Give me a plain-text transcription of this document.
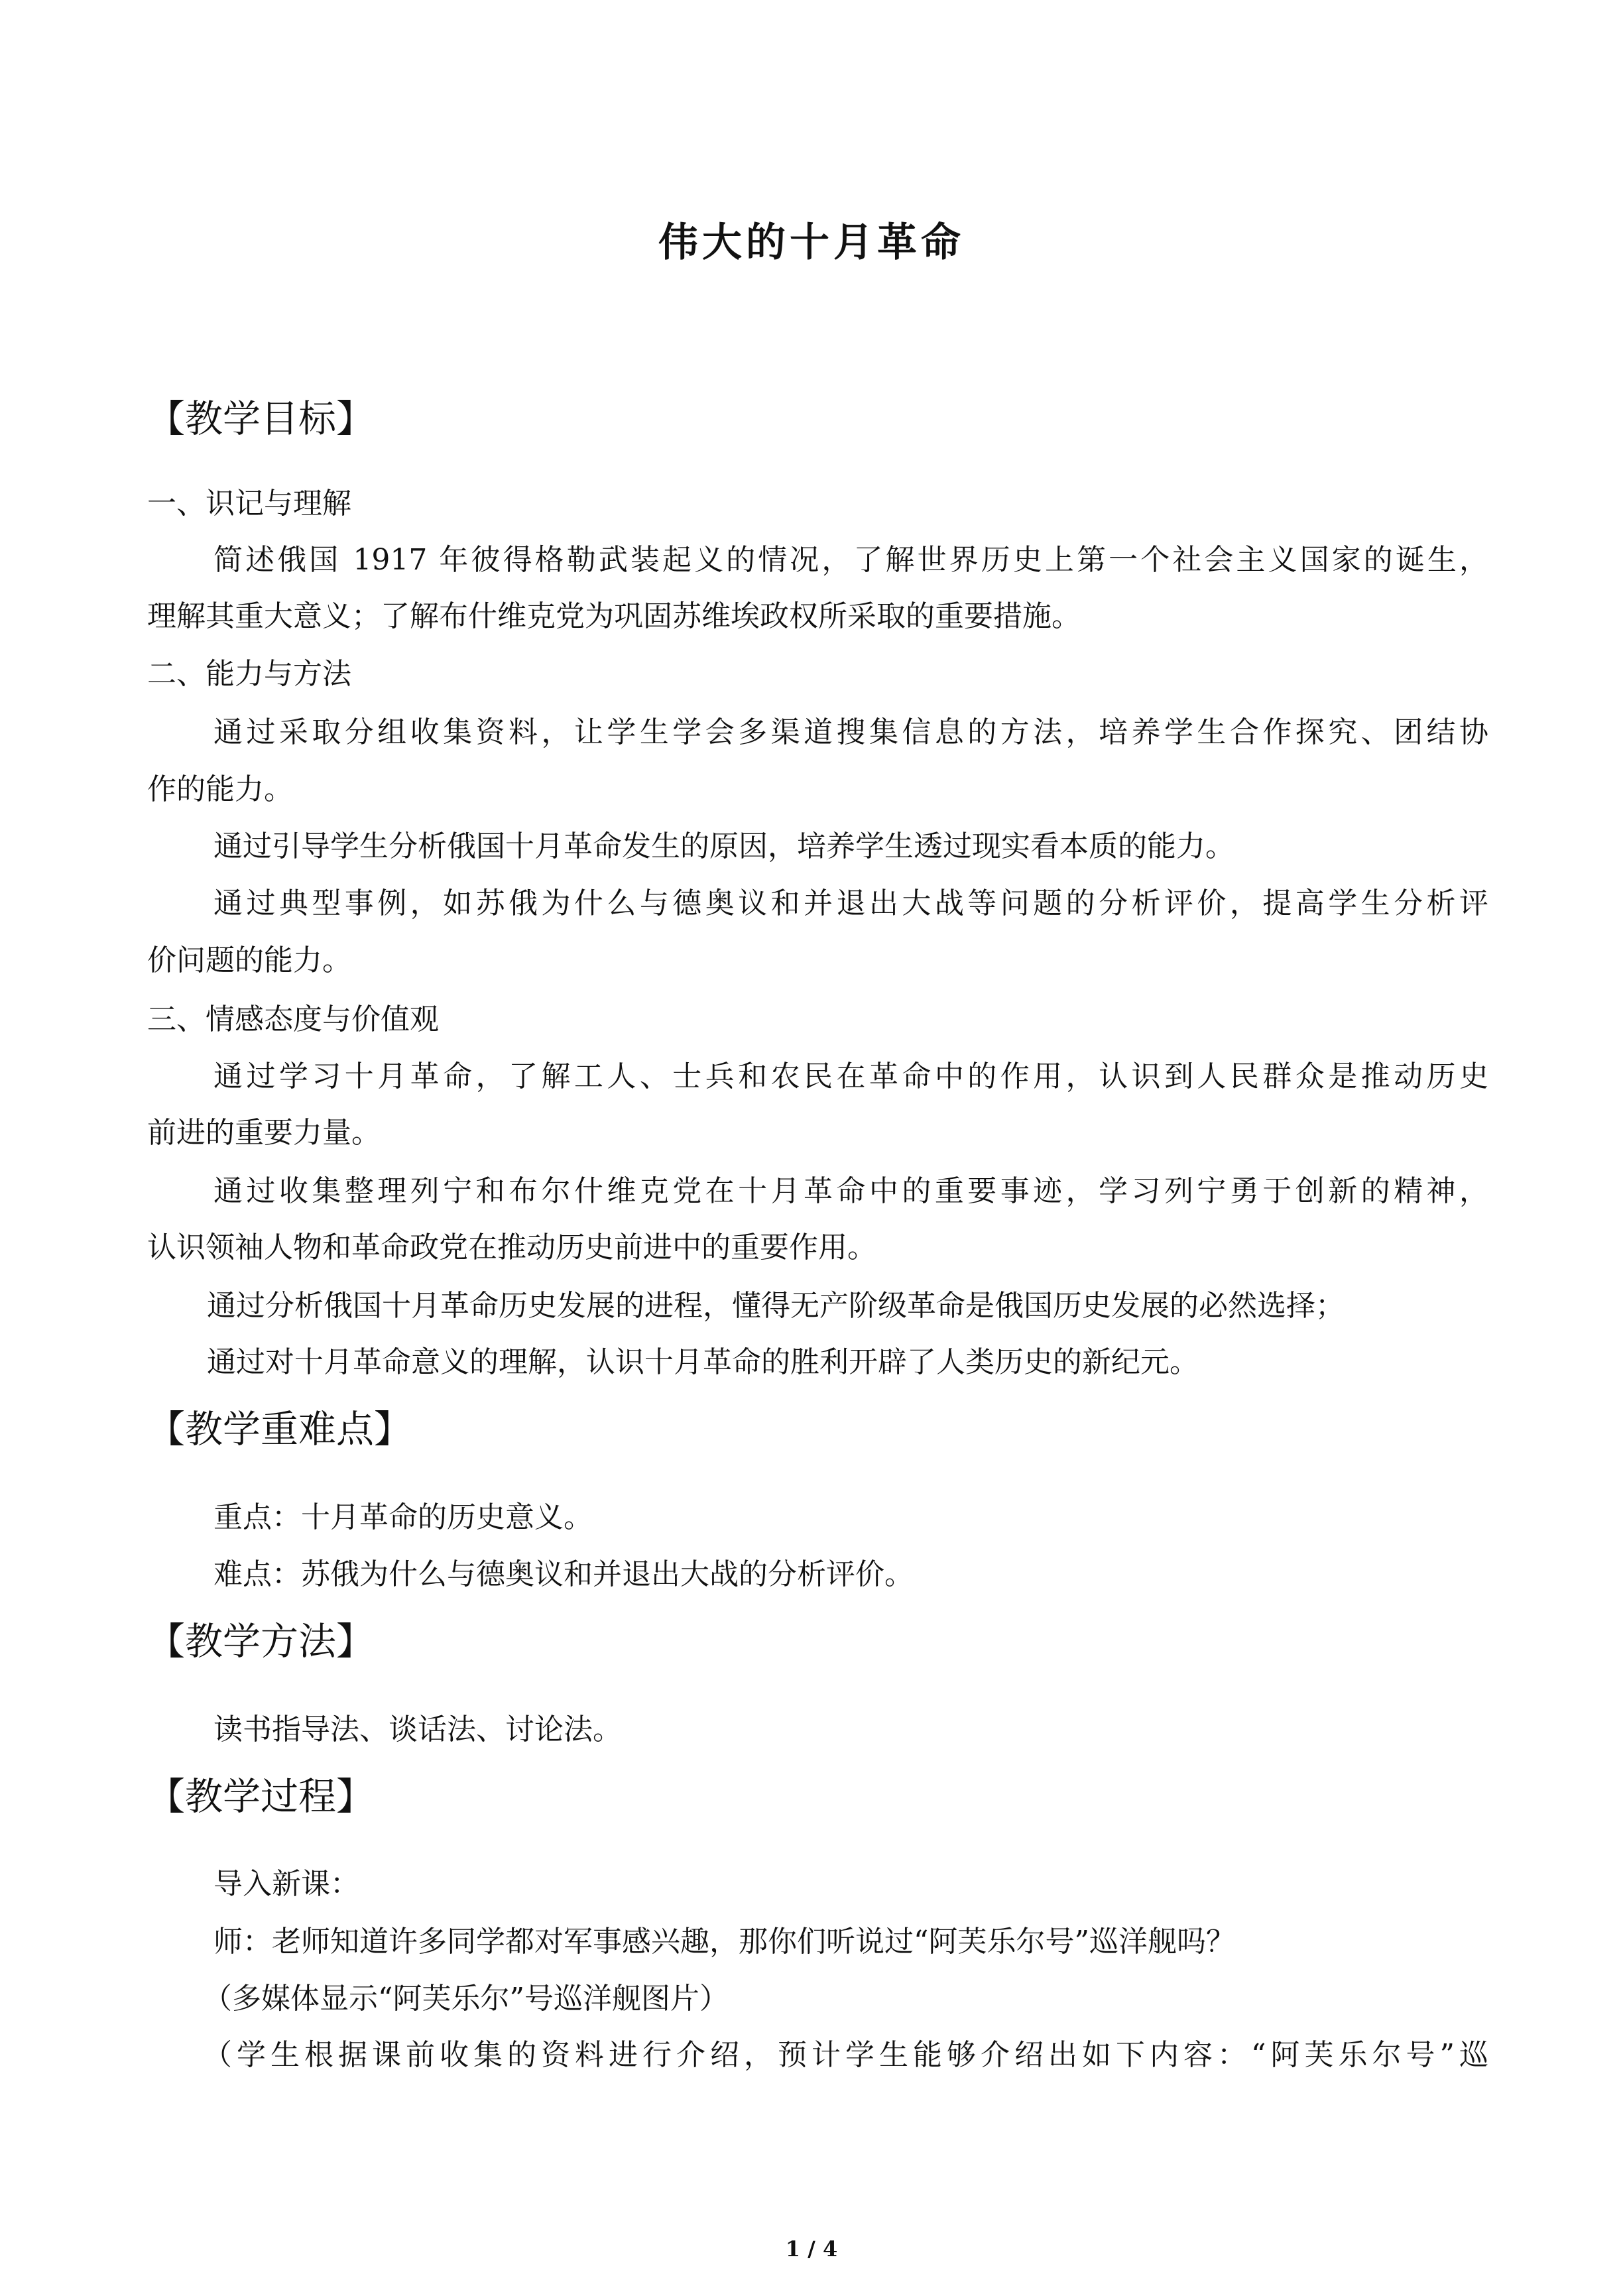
伟大的十月革命
【教学目标】
一、识记与理解
简述俄国 1917 年彼得格勒武装起义的情况，了解世界历史上第一个社会主义国家的诞生，
理解其重大意义；了解布什维克党为巩固苏维埃政权所采取的重要措施。
二、能力与方法
通过采取分组收集资料，让学生学会多渠道搜集信息的方法，培养学生合作探究、团结协
作的能力。
通过引导学生分析俄国十月革命发生的原因，培养学生透过现实看本质的能力。
通过典型事例，如苏俄为什么与德奥议和并退出大战等问题的分析评价，提高学生分析评
价问题的能力。
三、情感态度与价值观
通过学习十月革命，了解工人、士兵和农民在革命中的作用，认识到人民群众是推动历史
前进的重要力量。
通过收集整理列宁和布尔什维克党在十月革命中的重要事迹，学习列宁勇于创新的精神，
认识领袖人物和革命政党在推动历史前进中的重要作用。
通过分析俄国十月革命历史发展的进程，懂得无产阶级革命是俄国历史发展的必然选择；
通过对十月革命意义的理解，认识十月革命的胜利开辟了人类历史的新纪元。
【教学重难点】
重点：十月革命的历史意义。
难点：苏俄为什么与德奥议和并退出大战的分析评价。
【教学方法】
读书指导法、谈话法、讨论法。
【教学过程】
导入新课：
师：老师知道许多同学都对军事感兴趣，那你们听说过“阿芙乐尔号”巡洋舰吗？
（多媒体显示“阿芙乐尔”号巡洋舰图片）
（学生根据课前收集的资料进行介绍，预计学生能够介绍出如下内容：“阿芙乐尔号”巡
1 / 4
